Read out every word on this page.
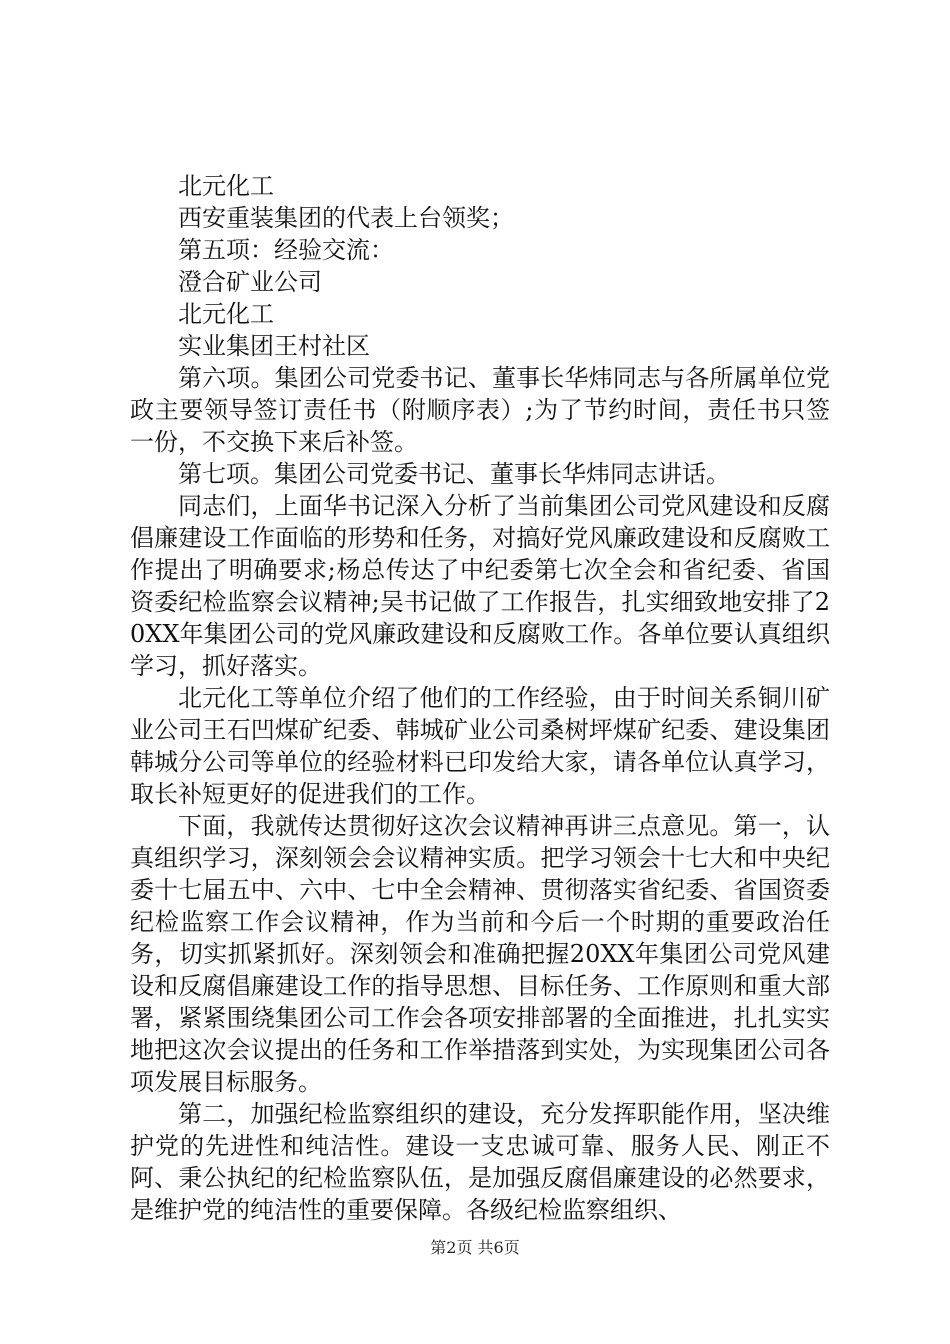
北元化工
西安重装集团的代表上台领奖；
第五项：经验交流：
澄合矿业公司
北元化工
实业集团王村社区

第六项。集团公司党委书记、董事长华炜同志与各所属单位党政主要领导签订责任书（附顺序表）;为了节约时间，责任书只签一份，不交换下来后补签。

第七项。集团公司党委书记、董事长华炜同志讲话。

同志们，上面华书记深入分析了当前集团公司党风建设和反腐倡廉建设工作面临的形势和任务，对搞好党风廉政建设和反腐败工作提出了明确要求;杨总传达了中纪委第七次全会和省纪委、省国资委纪检监察会议精神;吴书记做了工作报告，扎实细致地安排了20XX年集团公司的党风廉政建设和反腐败工作。各单位要认真组织学习，抓好落实。

北元化工等单位介绍了他们的工作经验，由于时间关系铜川矿业公司王石凹煤矿纪委、韩城矿业公司桑树坪煤矿纪委、建设集团韩城分公司等单位的经验材料已印发给大家，请各单位认真学习，取长补短更好的促进我们的工作。

下面，我就传达贯彻好这次会议精神再讲三点意见。第一，认真组织学习，深刻领会会议精神实质。把学习领会十七大和中央纪委十七届五中、六中、七中全会精神、贯彻落实省纪委、省国资委纪检监察工作会议精神，作为当前和今后一个时期的重要政治任务，切实抓紧抓好。深刻领会和准确把握20XX年集团公司党风建设和反腐倡廉建设工作的指导思想、目标任务、工作原则和重大部署，紧紧围绕集团公司工作会各项安排部署的全面推进，扎扎实实地把这次会议提出的任务和工作举措落到实处，为实现集团公司各项发展目标服务。

第二，加强纪检监察组织的建设，充分发挥职能作用，坚决维护党的先进性和纯洁性。建设一支忠诚可靠、服务人民、刚正不阿、秉公执纪的纪检监察队伍，是加强反腐倡廉建设的必然要求，是维护党的纯洁性的重要保障。各级纪检监察组织、

第2页 共6页
